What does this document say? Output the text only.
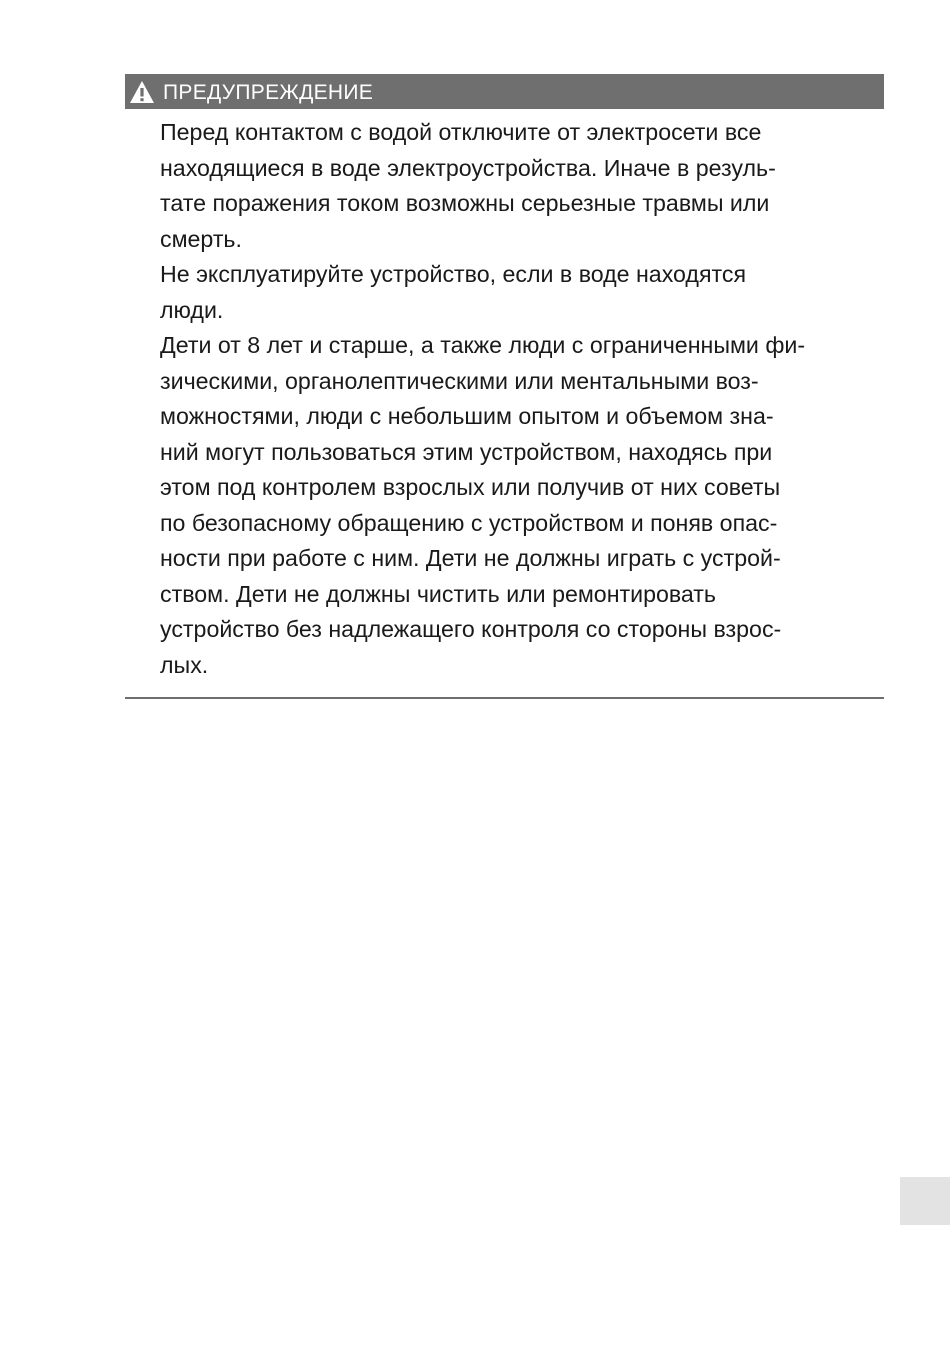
ПРЕДУПРЕЖДЕНИЕ

Перед контактом с водой отключите от электросети все
находящиеся в воде электроустройства. Иначе в резуль-
тате поражения током возможны серьезные травмы или
смерть.

Не эксплуатируйте устройство, если в воде находятся
люди.

Дети от 8 лет и старше, а также люди с ограниченными фи-
зическими, органолептическими или ментальными воз-
можностями, люди с небольшим опытом и объемом зна-
ний могут пользоваться этим устройством, находясь при
этом под контролем взрослых или получив от них советы
по безопасному обращению с устройством и поняв опас-
ности при работе с ним. Дети не должны играть с устрой-
ством. Дети не должны чистить или ремонтировать
устройство без надлежащего контроля со стороны взрос-
лых.
